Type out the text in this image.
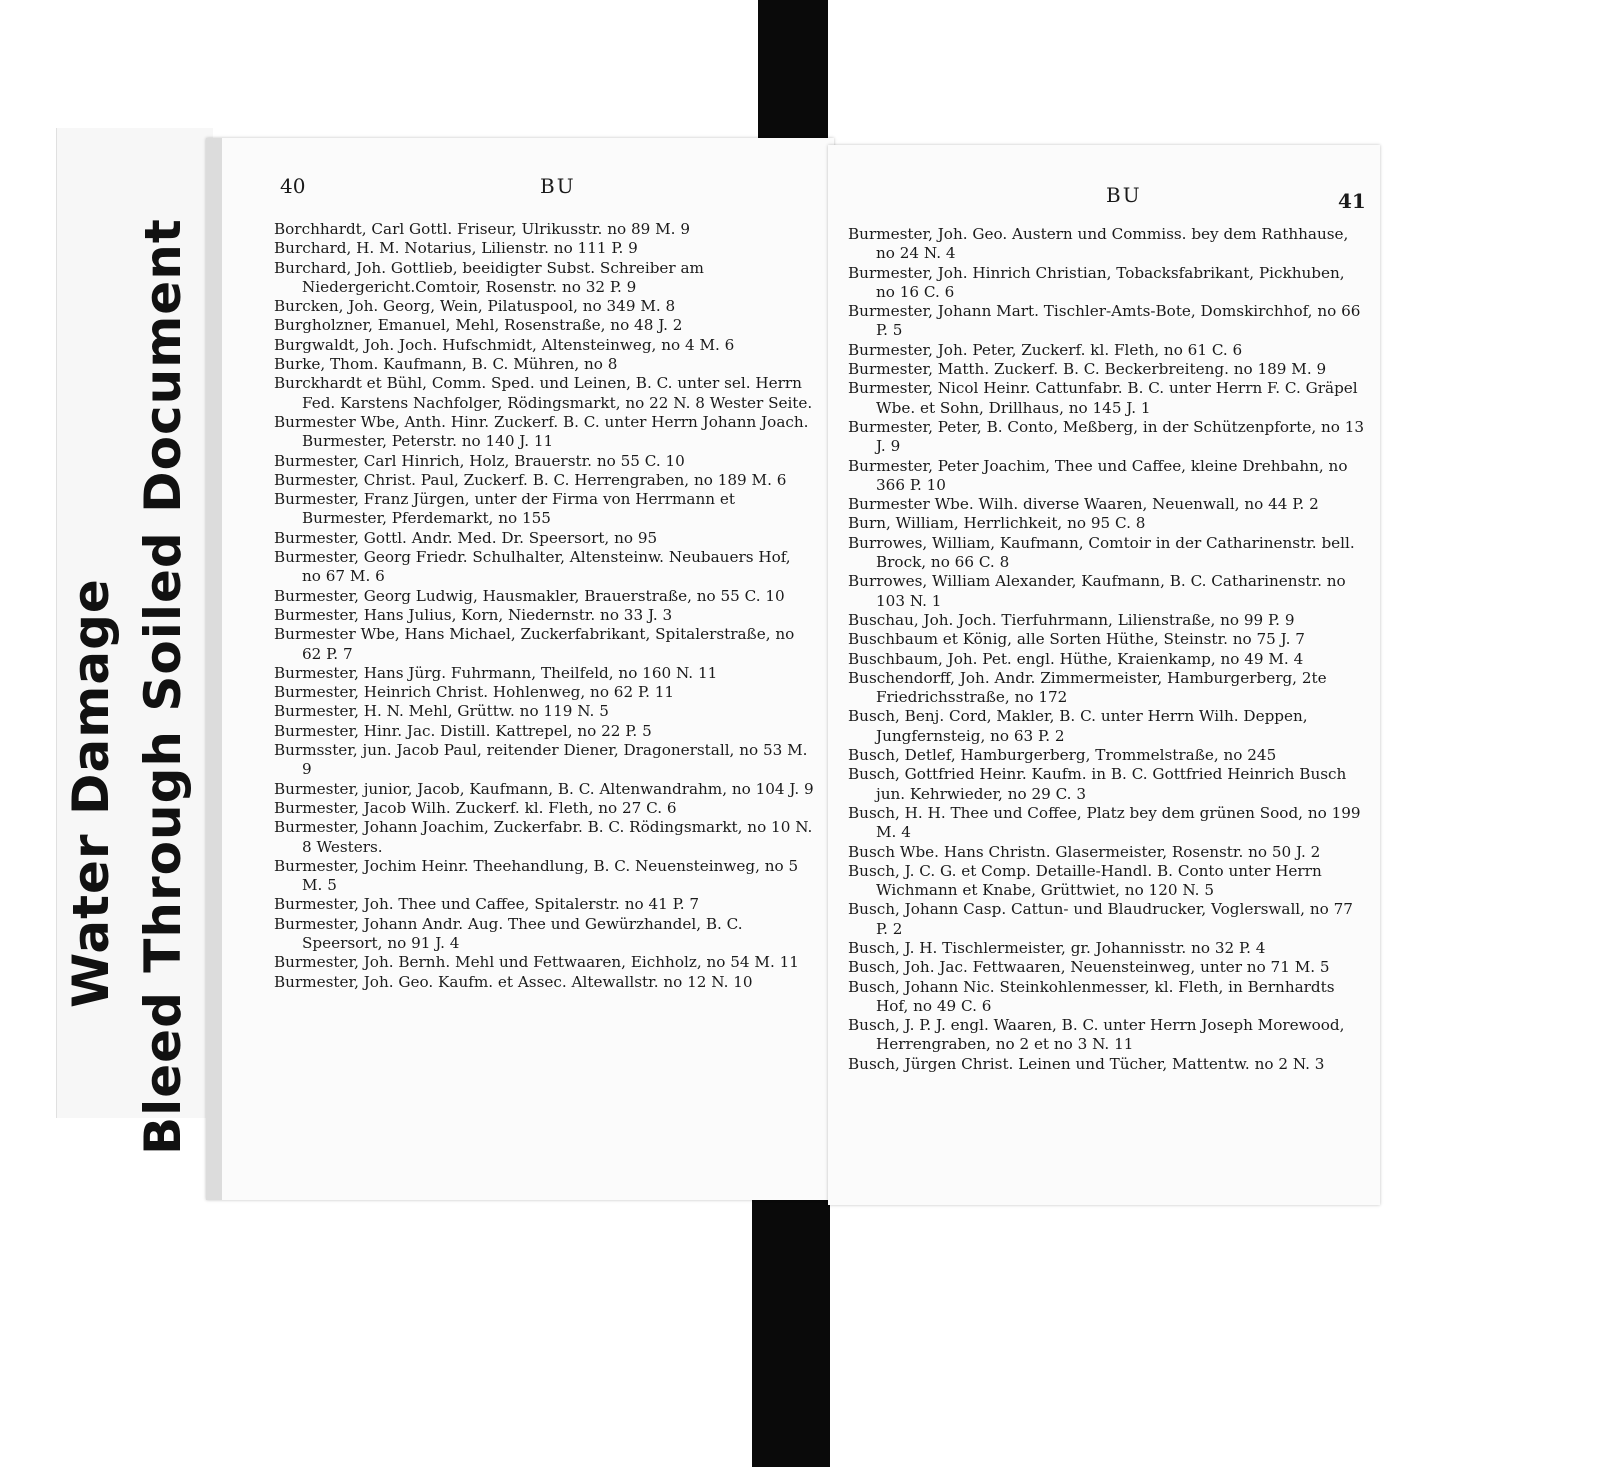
Water Damage Bleed Through Soiled Document
40	BU
Borchhardt, Carl Gottl. Friseur, Ulrikusstr. no 89 M. 9
Burchard, H. M. Notarius, Lilienstr. no 111 P. 9
Burchard, Joh. Gottlieb, beeidigter Subst. Schreiber am Niedergericht.Comtoir, Rosenstr. no 32 P. 9
Burcken, Joh. Georg, Wein, Pilatuspool, no 349 M. 8
Burgholzner, Emanuel, Mehl, Rosenstraße, no 48 J. 2
Burgwaldt, Joh. Joch. Hufschmidt, Altensteinweg, no 4 M. 6
Burke, Thom. Kaufmann, B. C. Mühren, no 8
Burckhardt et Bühl, Comm. Sped. und Leinen, B. C. unter sel. Herrn Fed. Karstens Nachfolger, Rödingsmarkt, no 22 N. 8 Wester Seite.
Burmester Wbe, Anth. Hinr. Zuckerf. B. C. unter Herrn Johann Joach. Burmester, Peterstr. no 140 J. 11
Burmester, Carl Hinrich, Holz, Brauerstr. no 55 C. 10
Burmester, Christ. Paul, Zuckerf. B. C. Herrengraben, no 189 M. 6
Burmester, Franz Jürgen, unter der Firma von Herrmann et Burmester, Pferdemarkt, no 155
Burmester, Gottl. Andr. Med. Dr. Speersort, no 95
Burmester, Georg Friedr. Schulhalter, Altensteinw. Neubauers Hof, no 67 M. 6
Burmester, Georg Ludwig, Hausmakler, Brauerstraße, no 55 C. 10
Burmester, Hans Julius, Korn, Niedernstr. no 33 J. 3
Burmester Wbe, Hans Michael, Zuckerfabrikant, Spitalerstraße, no 62 P. 7
Burmester, Hans Jürg. Fuhrmann, Theilfeld, no 160 N. 11
Burmester, Heinrich Christ. Hohlenweg, no 62 P. 11
Burmester, H. N. Mehl, Grüttw. no 119 N. 5
Burmester, Hinr. Jac. Distill. Kattrepel, no 22 P. 5
Burmsster, jun. Jacob Paul, reitender Diener, Dragonerstall, no 53 M. 9
Burmester, junior, Jacob, Kaufmann, B. C. Altenwandrahm, no 104 J. 9
Burmester, Jacob Wilh. Zuckerf. kl. Fleth, no 27 C. 6
Burmester, Johann Joachim, Zuckerfabr. B. C. Rödingsmarkt, no 10 N. 8 Westers.
Burmester, Jochim Heinr. Theehandlung, B. C. Neuensteinweg, no 5 M. 5
Burmester, Joh. Thee und Caffee, Spitalerstr. no 41 P. 7
Burmester, Johann Andr. Aug. Thee und Gewürzhandel, B. C. Speersort, no 91 J. 4
Burmester, Joh. Bernh. Mehl und Fettwaaren, Eichholz, no 54 M. 11
Burmester, Joh. Geo. Kaufm. et Assec. Altewallstr. no 12 N. 10
BU	41
Burmester, Joh. Geo. Austern und Commiss. bey dem Rathhause, no 24 N. 4
Burmester, Joh. Hinrich Christian, Tobacksfabrikant, Pickhuben, no 16 C. 6
Burmester, Johann Mart. Tischler-Amts-Bote, Domskirchhof, no 66 P. 5
Burmester, Joh. Peter, Zuckerf. kl. Fleth, no 61 C. 6
Burmester, Matth. Zuckerf. B. C. Beckerbreiteng. no 189 M. 9
Burmester, Nicol Heinr. Cattunfabr. B. C. unter Herrn F. C. Gräpel Wbe. et Sohn, Drillhaus, no 145 J. 1
Burmester, Peter, B. Conto, Meßberg, in der Schützenpforte, no 13 J. 9
Burmester, Peter Joachim, Thee und Caffee, kleine Drehbahn, no 366 P. 10
Burmester Wbe. Wilh. diverse Waaren, Neuenwall, no 44 P. 2
Burn, William, Herrlichkeit, no 95 C. 8
Burrowes, William, Kaufmann, Comtoir in der Catharinenstr. bell. Brock, no 66 C. 8
Burrowes, William Alexander, Kaufmann, B. C. Catharinenstr. no 103 N. 1
Buschau, Joh. Joch. Tierfuhrmann, Lilienstraße, no 99 P. 9
Buschbaum et König, alle Sorten Hüthe, Steinstr. no 75 J. 7
Buschbaum, Joh. Pet. engl. Hüthe, Kraienkamp, no 49 M. 4
Buschendorff, Joh. Andr. Zimmermeister, Hamburgerberg, 2te Friedrichsstraße, no 172
Busch, Benj. Cord, Makler, B. C. unter Herrn Wilh. Deppen, Jungfernsteig, no 63 P. 2
Busch, Detlef, Hamburgerberg, Trommelstraße, no 245
Busch, Gottfried Heinr. Kaufm. in B. C. Gottfried Heinrich Busch jun. Kehrwieder, no 29 C. 3
Busch, H. H. Thee und Coffee, Platz bey dem grünen Sood, no 199 M. 4
Busch Wbe. Hans Christn. Glasermeister, Rosenstr. no 50 J. 2
Busch, J. C. G. et Comp. Detaille-Handl. B. Conto unter Herrn Wichmann et Knabe, Grüttwiet, no 120 N. 5
Busch, Johann Casp. Cattun- und Blaudrucker, Voglerswall, no 77 P. 2
Busch, J. H. Tischlermeister, gr. Johannisstr. no 32 P. 4
Busch, Joh. Jac. Fettwaaren, Neuensteinweg, unter no 71 M. 5
Busch, Johann Nic. Steinkohlenmesser, kl. Fleth, in Bernhardts Hof, no 49 C. 6
Busch, J. P. J. engl. Waaren, B. C. unter Herrn Joseph Morewood, Herrengraben, no 2 et no 3 N. 11
Busch, Jürgen Christ. Leinen und Tücher, Mattentw. no 2 N. 3
